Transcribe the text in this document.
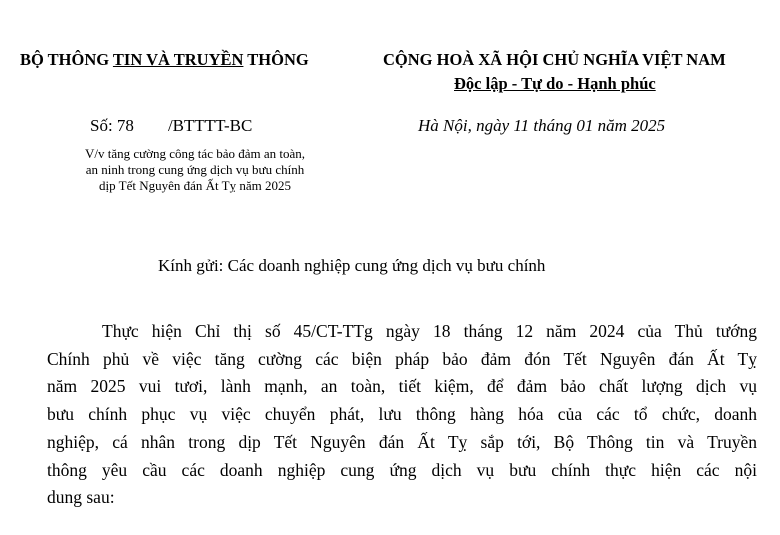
BỘ THÔNG TIN VÀ TRUYỀN THÔNG	CỘNG HOÀ XÃ HỘI CHỦ NGHĨA VIỆT NAM
Độc lập - Tự do - Hạnh phúc
Số: 78 /BTTTT-BC	Hà Nội, ngày 11 tháng 01 năm 2025
V/v tăng cường công tác bảo đảm an toàn,
an ninh trong cung ứng dịch vụ bưu chính
dịp Tết Nguyên đán Ất Tỵ năm 2025
Kính gửi: Các doanh nghiệp cung ứng dịch vụ bưu chính
Thực hiện Chỉ thị số 45/CT-TTg ngày 18 tháng 12 năm 2024 của Thủ tướng
Chính phủ về việc tăng cường các biện pháp bảo đảm đón Tết Nguyên đán Ất Tỵ
năm 2025 vui tươi, lành mạnh, an toàn, tiết kiệm, để đảm bảo chất lượng dịch vụ
bưu chính phục vụ việc chuyển phát, lưu thông hàng hóa của các tổ chức, doanh
nghiệp, cá nhân trong dịp Tết Nguyên đán Ất Tỵ sắp tới, Bộ Thông tin và Truyền
thông yêu cầu các doanh nghiệp cung ứng dịch vụ bưu chính thực hiện các nội
dung sau:
